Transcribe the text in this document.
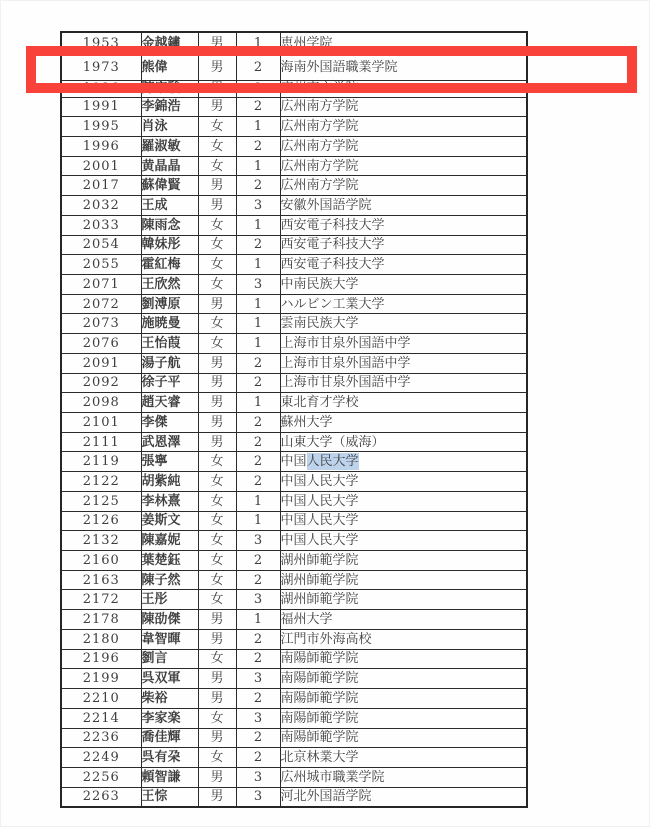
1953	金越鏽	男	1	恵州学院
1973	熊偉	男	2	海南外国語職業学院
1986	陳家駿	男	2	広州南方学院
1991	李錦浩	男	2	広州南方学院
1995	肖泳	女	1	広州南方学院
1996	羅淑敏	女	2	広州南方学院
2001	黄晶晶	女	1	広州南方学院
2017	蘇偉賢	男	2	広州南方学院
2032	王成	男	3	安徽外国語学院
2033	陳雨念	女	1	西安電子科技大学
2054	韓妹彤	女	2	西安電子科技大学
2055	霍紅梅	女	1	西安電子科技大学
2071	王欣然	女	3	中南民族大学
2072	劉溥原	男	1	ハルビン工業大学
2073	施暁曼	女	1	雲南民族大学
2076	王怡葭	女	1	上海市甘泉外国語中学
2091	湯子航	男	2	上海市甘泉外国語中学
2092	徐子平	男	2	上海市甘泉外国語中学
2098	趙天睿	男	1	東北育才学校
2101	李傑	男	2	蘇州大学
2111	武恩澤	男	2	山東大学（威海）
2119	張寧	女	2	中国人民大学
2122	胡紫純	女	2	中国人民大学
2125	李林熹	女	1	中国人民大学
2126	姜斯文	女	1	中国人民大学
2132	陳嘉妮	女	3	中国人民大学
2160	葉楚鈺	女	2	湖州師範学院
2163	陳子然	女	2	湖州師範学院
2172	王彤	女	3	湖州師範学院
2178	陳劭傑	男	1	福州大学
2180	韋智暉	男	2	江門市外海高校
2196	劉言	女	2	南陽師範学院
2199	呉双軍	男	3	南陽師範学院
2210	柴裕	男	2	南陽師範学院
2214	李家楽	女	3	南陽師範学院
2236	喬佳輝	男	2	南陽師範学院
2249	呉有朶	女	2	北京林業大学
2256	頼智謙	男	3	広州城市職業学院
2263	王悰	男	3	河北外国語学院
